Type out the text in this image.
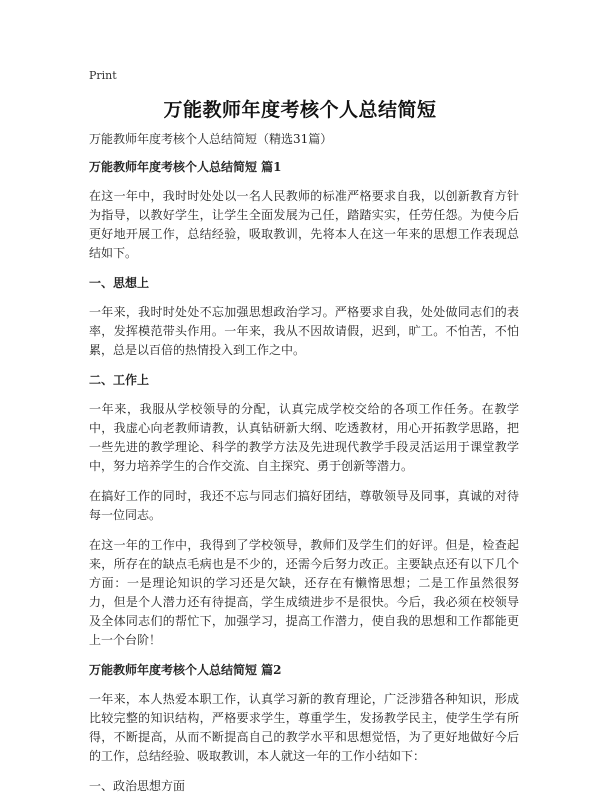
Print
万能教师年度考核个人总结简短

万能教师年度考核个人总结简短（精选31篇）

万能教师年度考核个人总结简短 篇1

在这一年中，我时时处处以一名人民教师的标准严格要求自我，以创新教育方针为指导，以教好学生，让学生全面发展为己任，踏踏实实，任劳任怨。为使今后更好地开展工作，总结经验，吸取教训，先将本人在这一年来的思想工作表现总结如下。

一、思想上

一年来，我时时处处不忘加强思想政治学习。严格要求自我，处处做同志们的表率，发挥模范带头作用。一年来，我从不因故请假，迟到，旷工。不怕苦，不怕累，总是以百倍的热情投入到工作之中。

二、工作上

一年来，我服从学校领导的分配，认真完成学校交给的各项工作任务。在教学中，我虚心向老教师请教，认真钻研新大纲、吃透教材，用心开拓教学思路，把一些先进的教学理论、科学的教学方法及先进现代教学手段灵活运用于课堂教学中，努力培养学生的合作交流、自主探究、勇于创新等潜力。

在搞好工作的同时，我还不忘与同志们搞好团结，尊敬领导及同事，真诚的对待每一位同志。

在这一年的工作中，我得到了学校领导，教师们及学生们的好评。但是，检查起来，所存在的缺点毛病也是不少的，还需今后努力改正。主要缺点还有以下几个方面：一是理论知识的学习还是欠缺，还存在有懒惰思想；二是工作虽然很努力，但是个人潜力还有待提高，学生成绩进步不是很快。今后，我必须在校领导及全体同志们的帮忙下，加强学习，提高工作潜力，使自我的思想和工作都能更上一个台阶！

万能教师年度考核个人总结简短 篇2

一年来，本人热爱本职工作，认真学习新的教育理论，广泛涉猎各种知识，形成比较完整的知识结构，严格要求学生，尊重学生，发扬教学民主，使学生学有所得，不断提高，从而不断提高自己的教学水平和思想觉悟，为了更好地做好今后的工作，总结经验、吸取教训，本人就这一年的工作小结如下：

一、政治思想方面
